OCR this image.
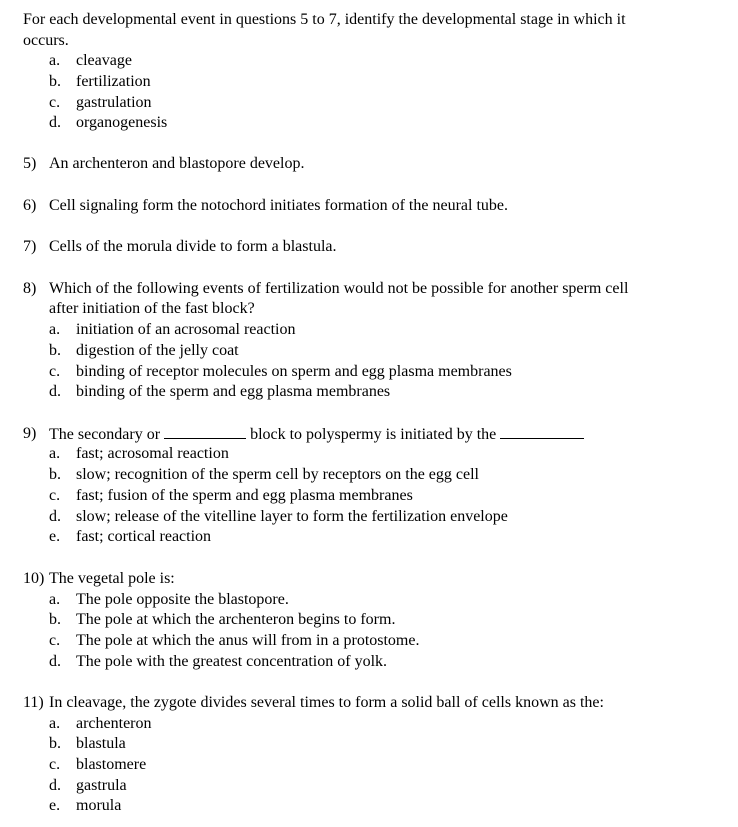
For each developmental event in questions 5 to 7, identify the developmental stage in which it
occurs.
a. cleavage
b. fertilization
c. gastrulation
d. organogenesis
5) An archenteron and blastopore develop.
6) Cell signaling form the notochord initiates formation of the neural tube.
7) Cells of the morula divide to form a blastula.
8) Which of the following events of fertilization would not be possible for another sperm cell
after initiation of the fast block?
a. initiation of an acrosomal reaction
b. digestion of the jelly coat
c. binding of receptor molecules on sperm and egg plasma membranes
d. binding of the sperm and egg plasma membranes
9) The secondary or	block to polyspermy is initiated by the
a. fast; acrosomal reaction
b. slow; recognition of the sperm cell by receptors on the egg cell
c. fast; fusion of the sperm and egg plasma membranes
d. slow; release of the vitelline layer to form the fertilization envelope
e. fast; cortical reaction
10) The vegetal pole is:
a. The pole opposite the blastopore.
b. The pole at which the archenteron begins to form.
c. The pole at which the anus will from in a protostome.
d. The pole with the greatest concentration of yolk.
11) In cleavage, the zygote divides several times to form a solid ball of cells known as the:
a. archenteron
b. blastula
c. blastomere
d. gastrula
e. morula
